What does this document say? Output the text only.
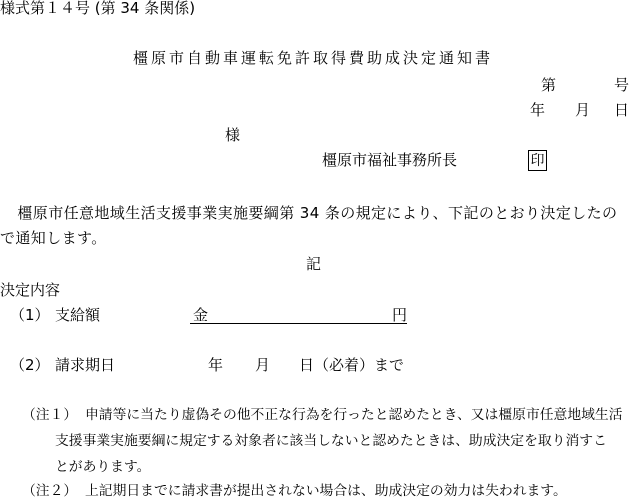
様式第１４号 (第 34 条関係)
橿原市自動車運転免許取得費助成決定通知書
第	号
年 月 日
様
橿原市福祉事務所長	印
　橿原市任意地域生活支援事業実施要綱第 34 条の規定により、下記のとおり決定したの
で通知します。
記
決定内容
（1） 支給額	金	円
（2） 請求期日	年 月 日（必着）まで
（注１） 申請等に当たり虚偽その他不正な行為を行ったと認めたとき、又は橿原市任意地域生活
支援事業実施要綱に規定する対象者に該当しないと認めたときは、助成決定を取り消すこ
とがあります。
（注２） 上記期日までに請求書が提出されない場合は、助成決定の効力は失われます。
